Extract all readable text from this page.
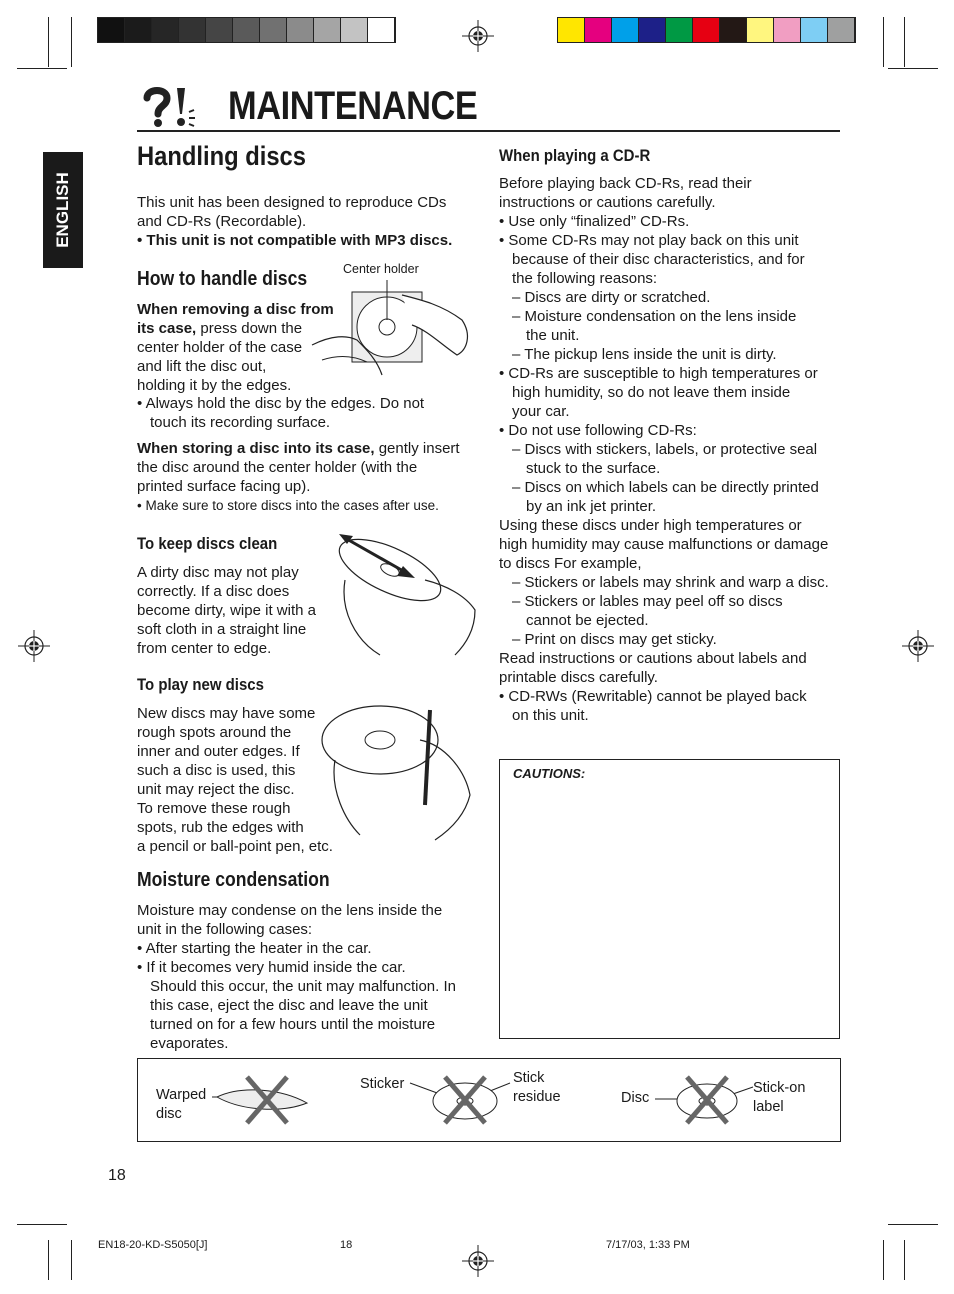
MAINTENANCE
ENGLISH
Handling discs
This unit has been designed to reproduce CDs
and CD-Rs (Recordable).
• This unit is not compatible with MP3 discs.
How to handle discs	Center holder
When removing a disc from
its case, press down the
center holder of the case
and lift the disc out,
holding it by the edges.
• Always hold the disc by the edges. Do not
touch its recording surface.
When storing a disc into its case, gently insert
the disc around the center holder (with the
printed surface facing up).
• Make sure to store discs into the cases after use.
To keep discs clean
A dirty disc may not play
correctly. If a disc does
become dirty, wipe it with a
soft cloth in a straight line
from center to edge.
To play new discs
New discs may have some
rough spots around the
inner and outer edges. If
such a disc is used, this
unit may reject the disc.
To remove these rough
spots, rub the edges with
a pencil or ball-point pen, etc.
Moisture condensation
Moisture may condense on the lens inside the
unit in the following cases:
• After starting the heater in the car.
• If it becomes very humid inside the car.
Should this occur, the unit may malfunction. In
this case, eject the disc and leave the unit
turned on for a few hours until the moisture
evaporates.
When playing a CD-R
Before playing back CD-Rs, read their
instructions or cautions carefully.
• Use only “finalized” CD-Rs.
• Some CD-Rs may not play back on this unit
because of their disc characteristics, and for
the following reasons:
– Discs are dirty or scratched.
– Moisture condensation on the lens inside
the unit.
– The pickup lens inside the unit is dirty.
• CD-Rs are susceptible to high temperatures or
high humidity, so do not leave them inside
your car.
• Do not use following CD-Rs:
– Discs with stickers, labels, or protective seal
stuck to the surface.
– Discs on which labels can be directly printed
by an ink jet printer.
Using these discs under high temperatures or
high humidity may cause malfunctions or damage
to discs For example,
– Stickers or labels may shrink and warp a disc.
– Stickers or lables may peel off so discs
cannot be ejected.
– Print on discs may get sticky.
Read instructions or cautions about labels and
printable discs carefully.
• CD-RWs (Rewritable) cannot be played back
on this unit.
CAUTIONS:
Warped
disc
Sticker	Stick
residue	Disc
Stick-on
label
18
EN18-20-KD-S5050[J]	18	7/17/03, 1:33 PM
